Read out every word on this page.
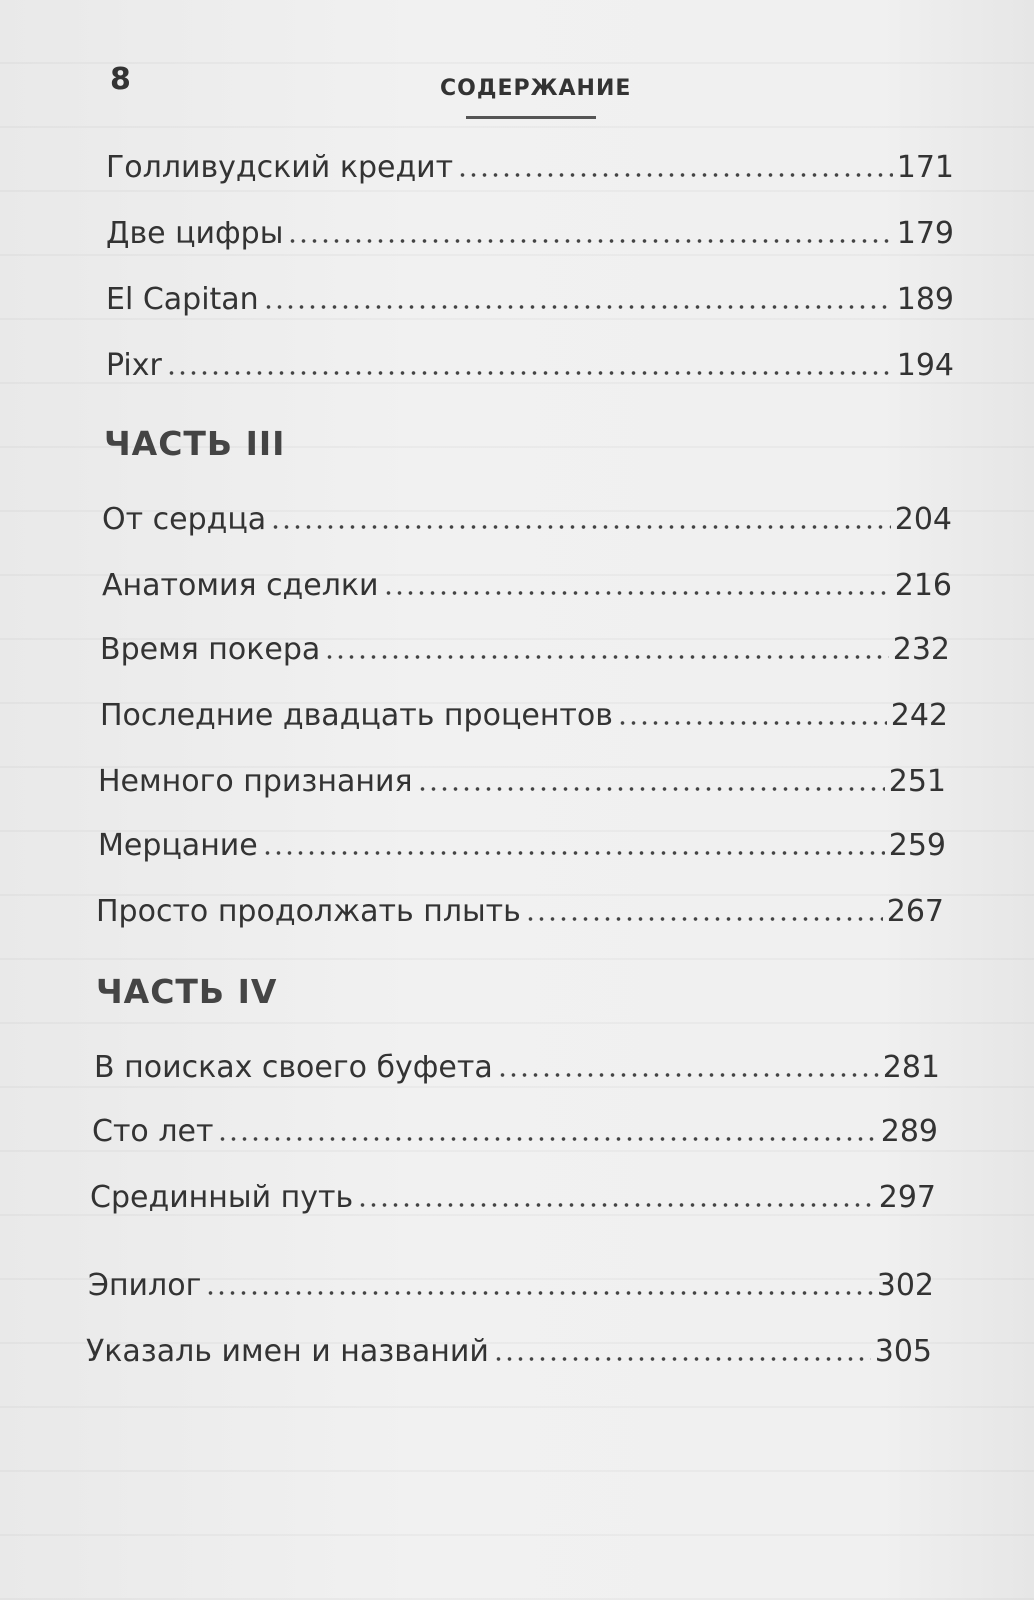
8	СОДЕРЖАНИЕ
Голливудский кредит	171
Две цифры	179
El Capitan	189
Pixr	194
ЧАСТЬ III
От сердца	204
Анатомия сделки	216
Время покера	232
Последние двадцать процентов	242
Немного признания	251
Мерцание	259
Просто продолжать плыть	267
ЧАСТЬ IV
В поисках своего буфета	281
Сто лет	289
Срединный путь	297
Эпилог	302
Указаль имен и названий	305
